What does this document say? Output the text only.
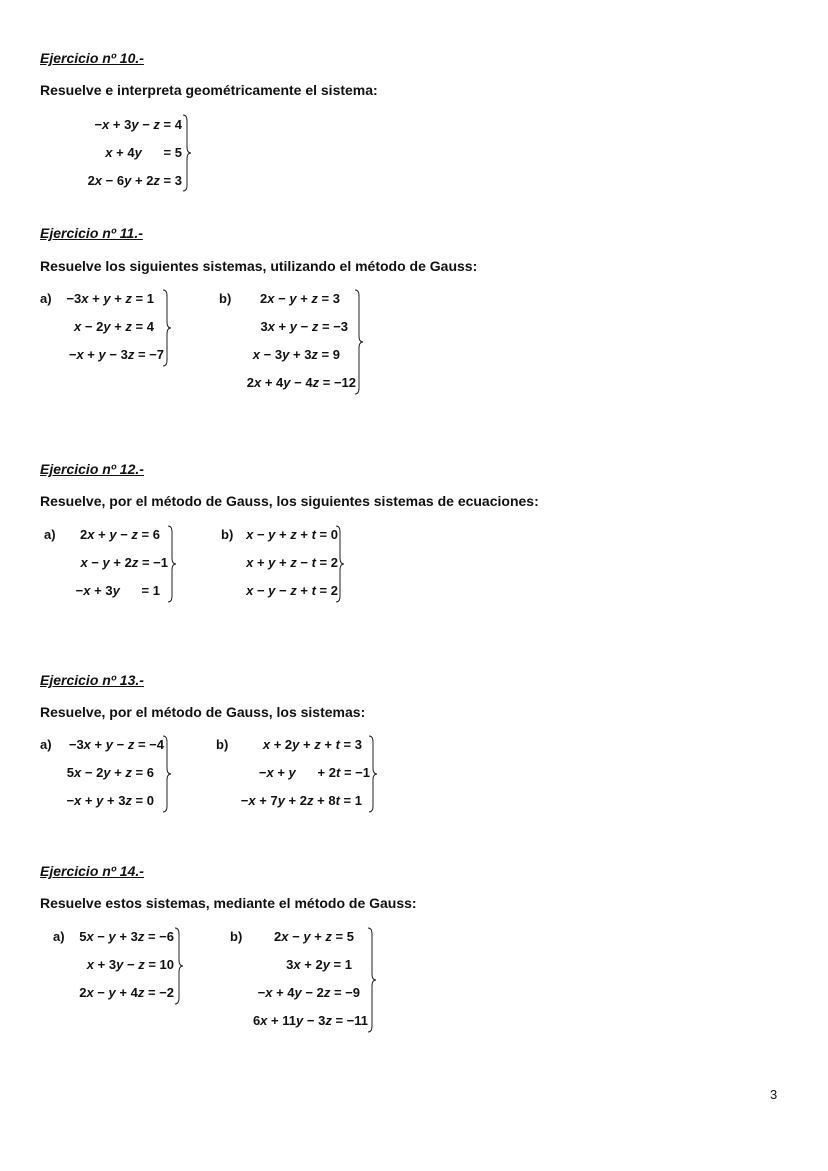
Ejercicio nº 10.-
Resuelve e interpreta geométricamente el sistema:
−x + 3y − z = 4
x + 4y = 5
2x − 6y + 2z = 3
Ejercicio nº 11.-
Resuelve los siguientes sistemas, utilizando el método de Gauss:
a)	−3x + y + z = 1
x − 2y + z = 4
−x + y − 3z = −7
b)	2x − y + z = 3
3x + y − z = −3
x − 3y + 3z = 9
2x + 4y − 4z = −12
Ejercicio nº 12.-
Resuelve, por el método de Gauss, los siguientes sistemas de ecuaciones:
a)	2x + y − z = 6
x − y + 2z = −1
−x + 3y = 1
b) x − y + z + t = 0
x + y + z − t = 2
x − y − z + t = 2
Ejercicio nº 13.-
Resuelve, por el método de Gauss, los sistemas:
a)	−3x + y − z = −4
5x − 2y + z = 6
−x + y + 3z = 0
b)	x + 2y + z + t = 3
−x + y + 2t = −1
−x + 7y + 2z + 8t = 1
Ejercicio nº 14.-
Resuelve estos sistemas, mediante el método de Gauss:
a)	5x − y + 3z = −6
x + 3y − z = 10
2x − y + 4z = −2
b)	2x − y + z = 5
3x + 2y = 1
−x + 4y − 2z = −9
6x + 11y − 3z = −11
3
